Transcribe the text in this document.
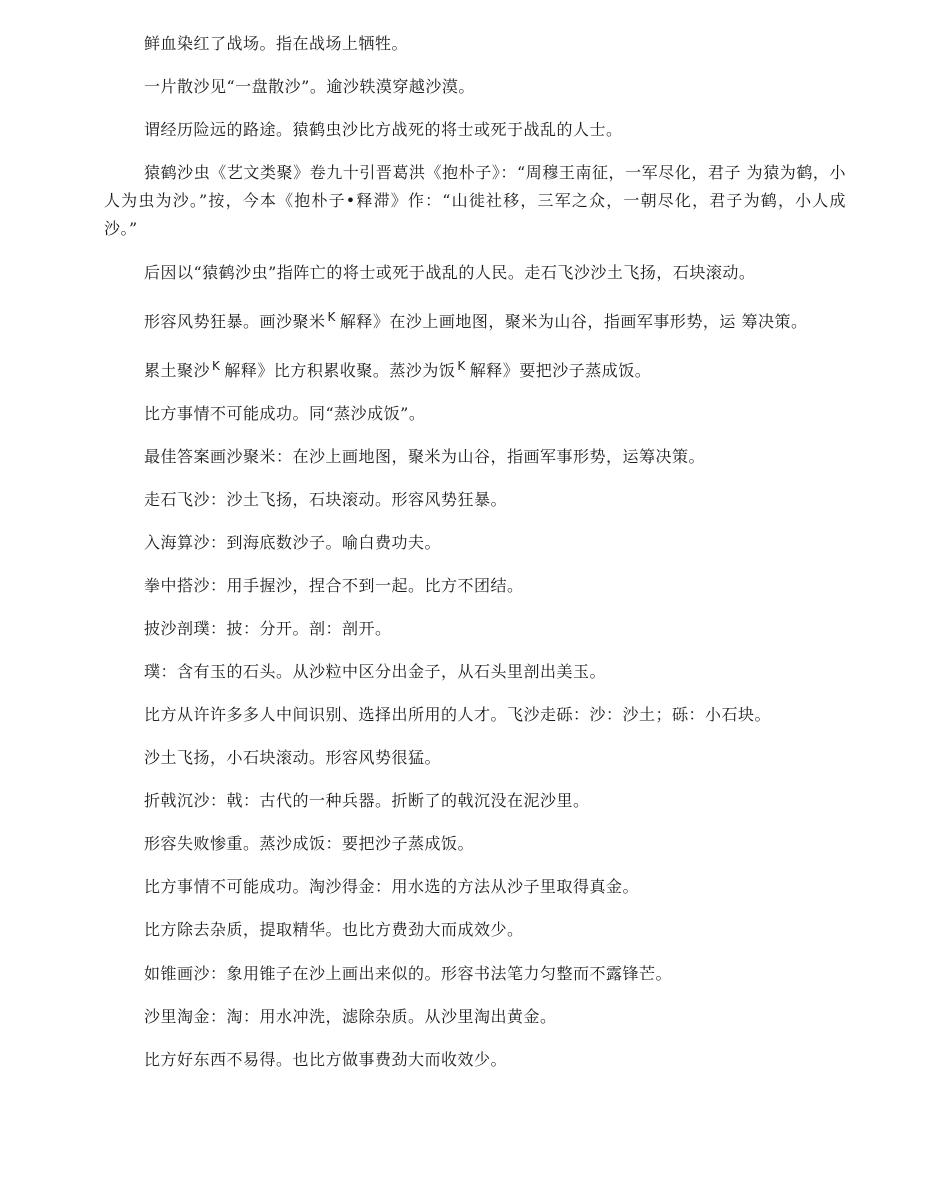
鲜血染红了战场。指在战场上牺牲。

一片散沙见“一盘散沙”。逾沙轶漠穿越沙漠。

谓经历险远的路途。猿鹤虫沙比方战死的将士或死于战乱的人士。

猿鹤沙虫《艺文类聚》卷九十引晋葛洪《抱朴子》：“周穆王南征，一军尽化，君子 为猿为鹤，小人为虫为沙。”按，今本《抱朴子•释滞》作：“山徙社移，三军之众，一朝尽化，君子为鹤，小人成沙。”

后因以“猿鹤沙虫”指阵亡的将士或死于战乱的人民。走石飞沙沙土飞扬，石块滚动。

形容风势狂暴。画沙聚米 $^K$ 解释》在沙上画地图，聚米为山谷，指画军事形势，运 筹决策。

累土聚沙 $^K$ 解释》比方积累收聚。蒸沙为饭 $^K$ 解释》要把沙子蒸成饭。

比方事情不可能成功。同“蒸沙成饭”。

最佳答案画沙聚米：在沙上画地图，聚米为山谷，指画军事形势，运筹决策。

走石飞沙：沙土飞扬，石块滚动。形容风势狂暴。

入海算沙：到海底数沙子。喻白费功夫。

拳中搭沙：用手握沙，捏合不到一起。比方不团结。

披沙剖璞：披：分开。剖：剖开。

璞：含有玉的石头。从沙粒中区分出金子，从石头里剖出美玉。

比方从许许多多人中间识别、选择出所用的人才。飞沙走砾：沙：沙土；砾：小石块。

沙土飞扬，小石块滚动。形容风势很猛。

折戟沉沙：戟：古代的一种兵器。折断了的戟沉没在泥沙里。

形容失败惨重。蒸沙成饭：要把沙子蒸成饭。

比方事情不可能成功。淘沙得金：用水选的方法从沙子里取得真金。

比方除去杂质，提取精华。也比方费劲大而成效少。

如锥画沙：象用锥子在沙上画出来似的。形容书法笔力匀整而不露锋芒。

沙里淘金：淘：用水冲洗，滤除杂质。从沙里淘出黄金。

比方好东西不易得。也比方做事费劲大而收效少。
